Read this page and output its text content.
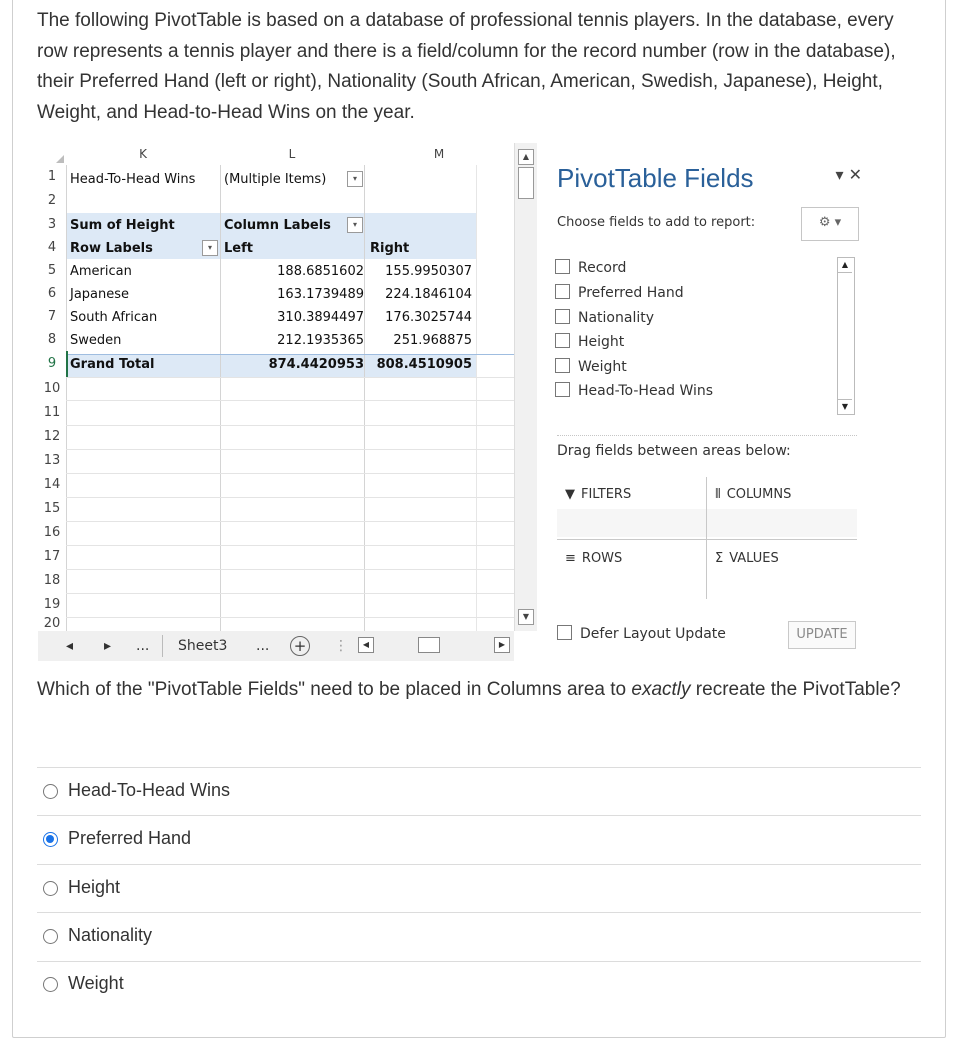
The following PivotTable is based on a database of professional tennis players. In the database, every row represents a tennis player and there is a field/column for the record number (row in the database), their Preferred Hand (left or right), Nationality (South African, American, Swedish, Japanese), Height, Weight, and Head-to-Head Wins on the year.
K	L	M
1
2
3
4
5
6
7
8
9
10
11
12
13
14
15
16
17
18
19
20
Head-To-Head Wins (Multiple Items)	▾
Sum of Height	Column Labels	▾
Row Labels	▾ Left	Right
American	188.6851602	155.9950307
Japanese	163.1739489	224.1846104
South African	310.3894497	176.3025744
Sweden	212.1935365	251.968875
Grand Total	874.4420953 808.4510905
▲
▼
◂ ▸ ... Sheet3 ... + ⋮	◀	▶
PivotTable Fields	▾ ✕
Choose fields to add to report:	⚙ ▾
Record
Preferred Hand
Nationality
Height
Weight
Head-To-Head Wins
▲
▼
Drag fields between areas below:
▼ FILTERS	⦀ COLUMNS
≡ ROWS	Σ VALUES
Defer Layout Update	UPDATE
Which of the "PivotTable Fields" need to be placed in Columns area to exactly recreate the PivotTable?
Head-To-Head Wins
Preferred Hand
Height
Nationality
Weight
